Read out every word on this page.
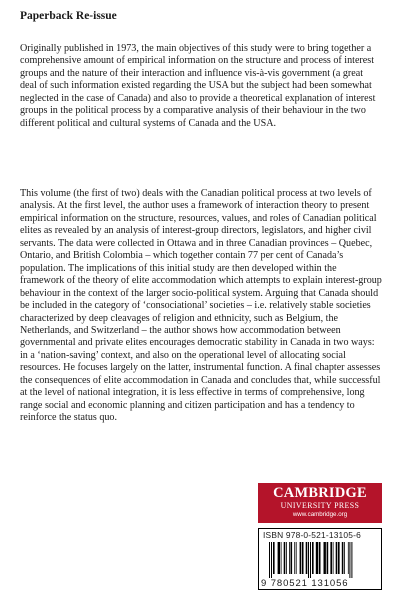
Paperback Re-issue

Originally published in 1973, the main objectives of this study were to bring together a comprehensive amount of empirical information on the structure and process of interest groups and the nature of their interaction and influence vis-à-vis government (a great deal of such information existed regarding the USA but the subject had been somewhat neglected in the case of Canada) and also to provide a theoretical explanation of interest groups in the political process by a comparative analysis of their behaviour in the two different political and cultural systems of Canada and the USA.

This volume (the first of two) deals with the Canadian political process at two levels of analysis. At the first level, the author uses a framework of interaction theory to present empirical information on the structure, resources, values, and roles of Canadian political elites as revealed by an analysis of interest-group directors, legislators, and higher civil servants. The data were collected in Ottawa and in three Canadian provinces – Quebec, Ontario, and British Colombia – which together contain 77 per cent of Canada’s population. The implications of this initial study are then developed within the framework of the theory of elite accommodation which attempts to explain interest-group behaviour in the context of the larger socio-political system. Arguing that Canada should be included in the category of ‘consociational’ societies – i.e. relatively stable societies characterized by deep cleavages of religion and ethnicity, such as Belgium, the Netherlands, and Switzerland – the author shows how accommodation between governmental and private elites encourages democratic stability in Canada in two ways: in a ‘nation-saving’ context, and also on the operational level of allocating social resources. He focuses largely on the latter, instrumental function. A final chapter assesses the consequences of elite accommodation in Canada and concludes that, while successful at the level of national integration, it is less effective in terms of comprehensive, long range social and economic planning and citizen participation and has a tendency to reinforce the status quo.

CAMBRIDGE
UNIVERSITY PRESS
www.cambridge.org
ISBN 978-0-521-13105-6
9 780521 131056
